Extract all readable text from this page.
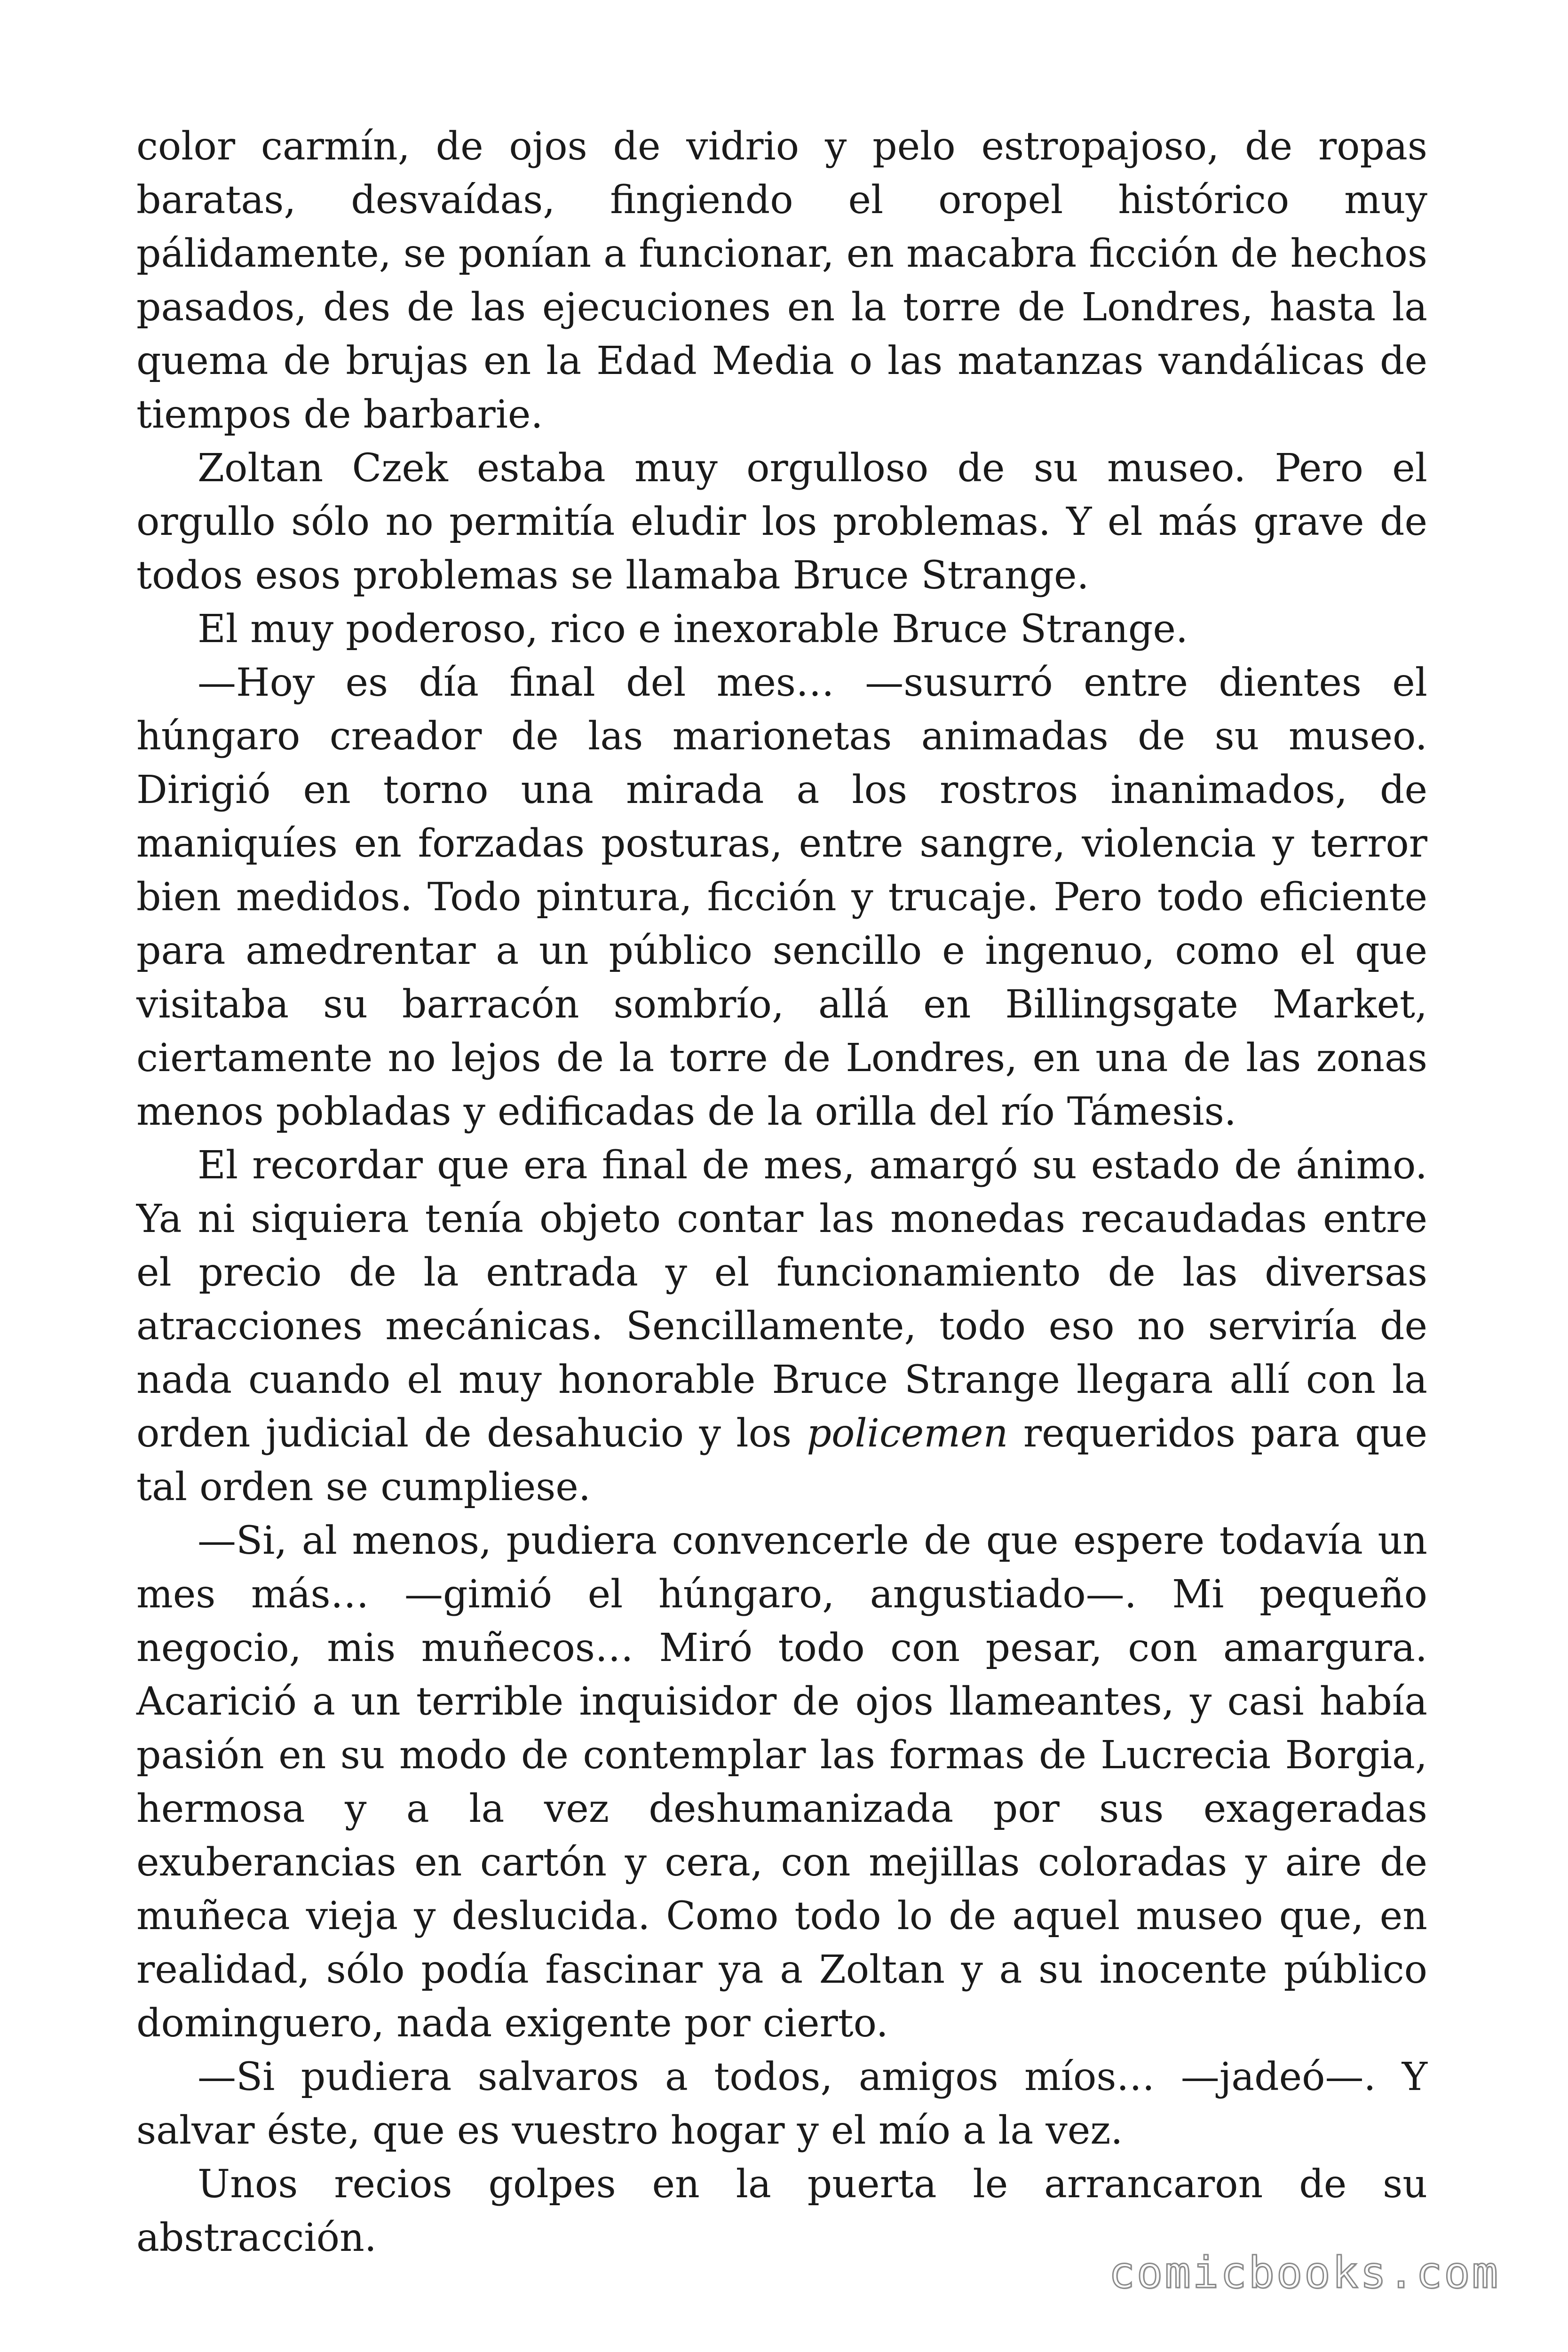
color carmín, de ojos de vidrio y pelo estropajoso, de ropas baratas, desvaídas, fingiendo el oropel histórico muy pálidamente, se ponían a funcionar, en macabra ficción de hechos pasados, des de las ejecuciones en la torre de Londres, hasta la quema de brujas en la Edad Media o las matanzas vandálicas de tiempos de barbarie.

Zoltan Czek estaba muy orgulloso de su museo. Pero el orgullo sólo no permitía eludir los problemas. Y el más grave de todos esos problemas se llamaba Bruce Strange.

El muy poderoso, rico e inexorable Bruce Strange.

—Hoy es día final del mes… —susurró entre dientes el húngaro creador de las marionetas animadas de su museo. Dirigió en torno una mirada a los rostros inanimados, de maniquíes en forzadas posturas, entre sangre, violencia y terror bien medidos. Todo pintura, ficción y trucaje. Pero todo eficiente para amedrentar a un público sencillo e ingenuo, como el que visitaba su barracón sombrío, allá en Billingsgate Market, ciertamente no lejos de la torre de Londres, en una de las zonas menos pobladas y edificadas de la orilla del río Támesis.

El recordar que era final de mes, amargó su estado de ánimo. Ya ni siquiera tenía objeto contar las monedas recaudadas entre el precio de la entrada y el funcionamiento de las diversas atracciones mecánicas. Sencillamente, todo eso no serviría de nada cuando el muy honorable Bruce Strange llegara allí con la orden judicial de desahucio y los policemen requeridos para que tal orden se cumpliese.

—Si, al menos, pudiera convencerle de que espere todavía un mes más… —gimió el húngaro, angustiado—. Mi pequeño negocio, mis muñecos… Miró todo con pesar, con amargura. Acarició a un terrible inquisidor de ojos llameantes, y casi había pasión en su modo de contemplar las formas de Lucrecia Borgia, hermosa y a la vez deshumanizada por sus exageradas exuberancias en cartón y cera, con mejillas coloradas y aire de muñeca vieja y deslucida. Como todo lo de aquel museo que, en realidad, sólo podía fascinar ya a Zoltan y a su inocente público dominguero, nada exigente por cierto.

—Si pudiera salvaros a todos, amigos míos… —jadeó—. Y salvar éste, que es vuestro hogar y el mío a la vez.

Unos recios golpes en la puerta le arrancaron de su abstracción.

comicbooks.com
